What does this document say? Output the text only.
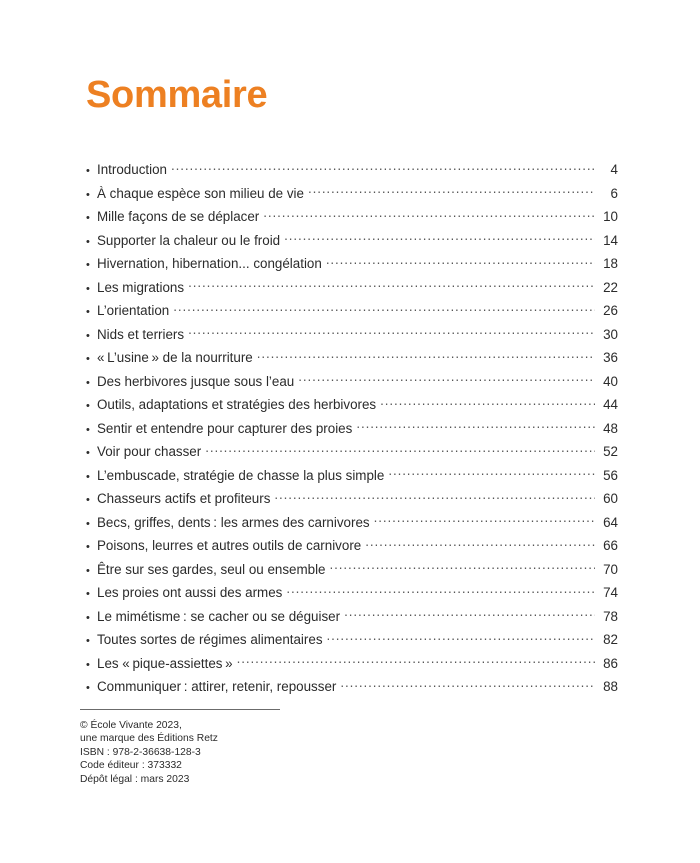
Sommaire
• Introduction .....	4
• À chaque espèce son milieu de vie .....	6
• Mille façons de se déplacer .....	10
• Supporter la chaleur ou le froid .....	14
• Hivernation, hibernation... congélation .....	18
• Les migrations .....	22
• L’orientation .....	26
• Nids et terriers .....	30
• « L’usine » de la nourriture .....	36
• Des herbivores jusque sous l’eau .....	40
• Outils, adaptations et stratégies des herbivores .....	44
• Sentir et entendre pour capturer des proies .....	48
• Voir pour chasser .....	52
• L’embuscade, stratégie de chasse la plus simple .....	56
• Chasseurs actifs et profiteurs .....	60
• Becs, griffes, dents : les armes des carnivores .....	64
• Poisons, leurres et autres outils de carnivore .....	66
• Être sur ses gardes, seul ou ensemble .....	70
• Les proies ont aussi des armes .....	74
• Le mimétisme : se cacher ou se déguiser .....	78
• Toutes sortes de régimes alimentaires .....	82
• Les « pique-assiettes » .....	86
• Communiquer : attirer, retenir, repousser .....	88
© École Vivante 2023,
une marque des Éditions Retz
ISBN : 978-2-36638-128-3
Code éditeur : 373332
Dépôt légal : mars 2023
